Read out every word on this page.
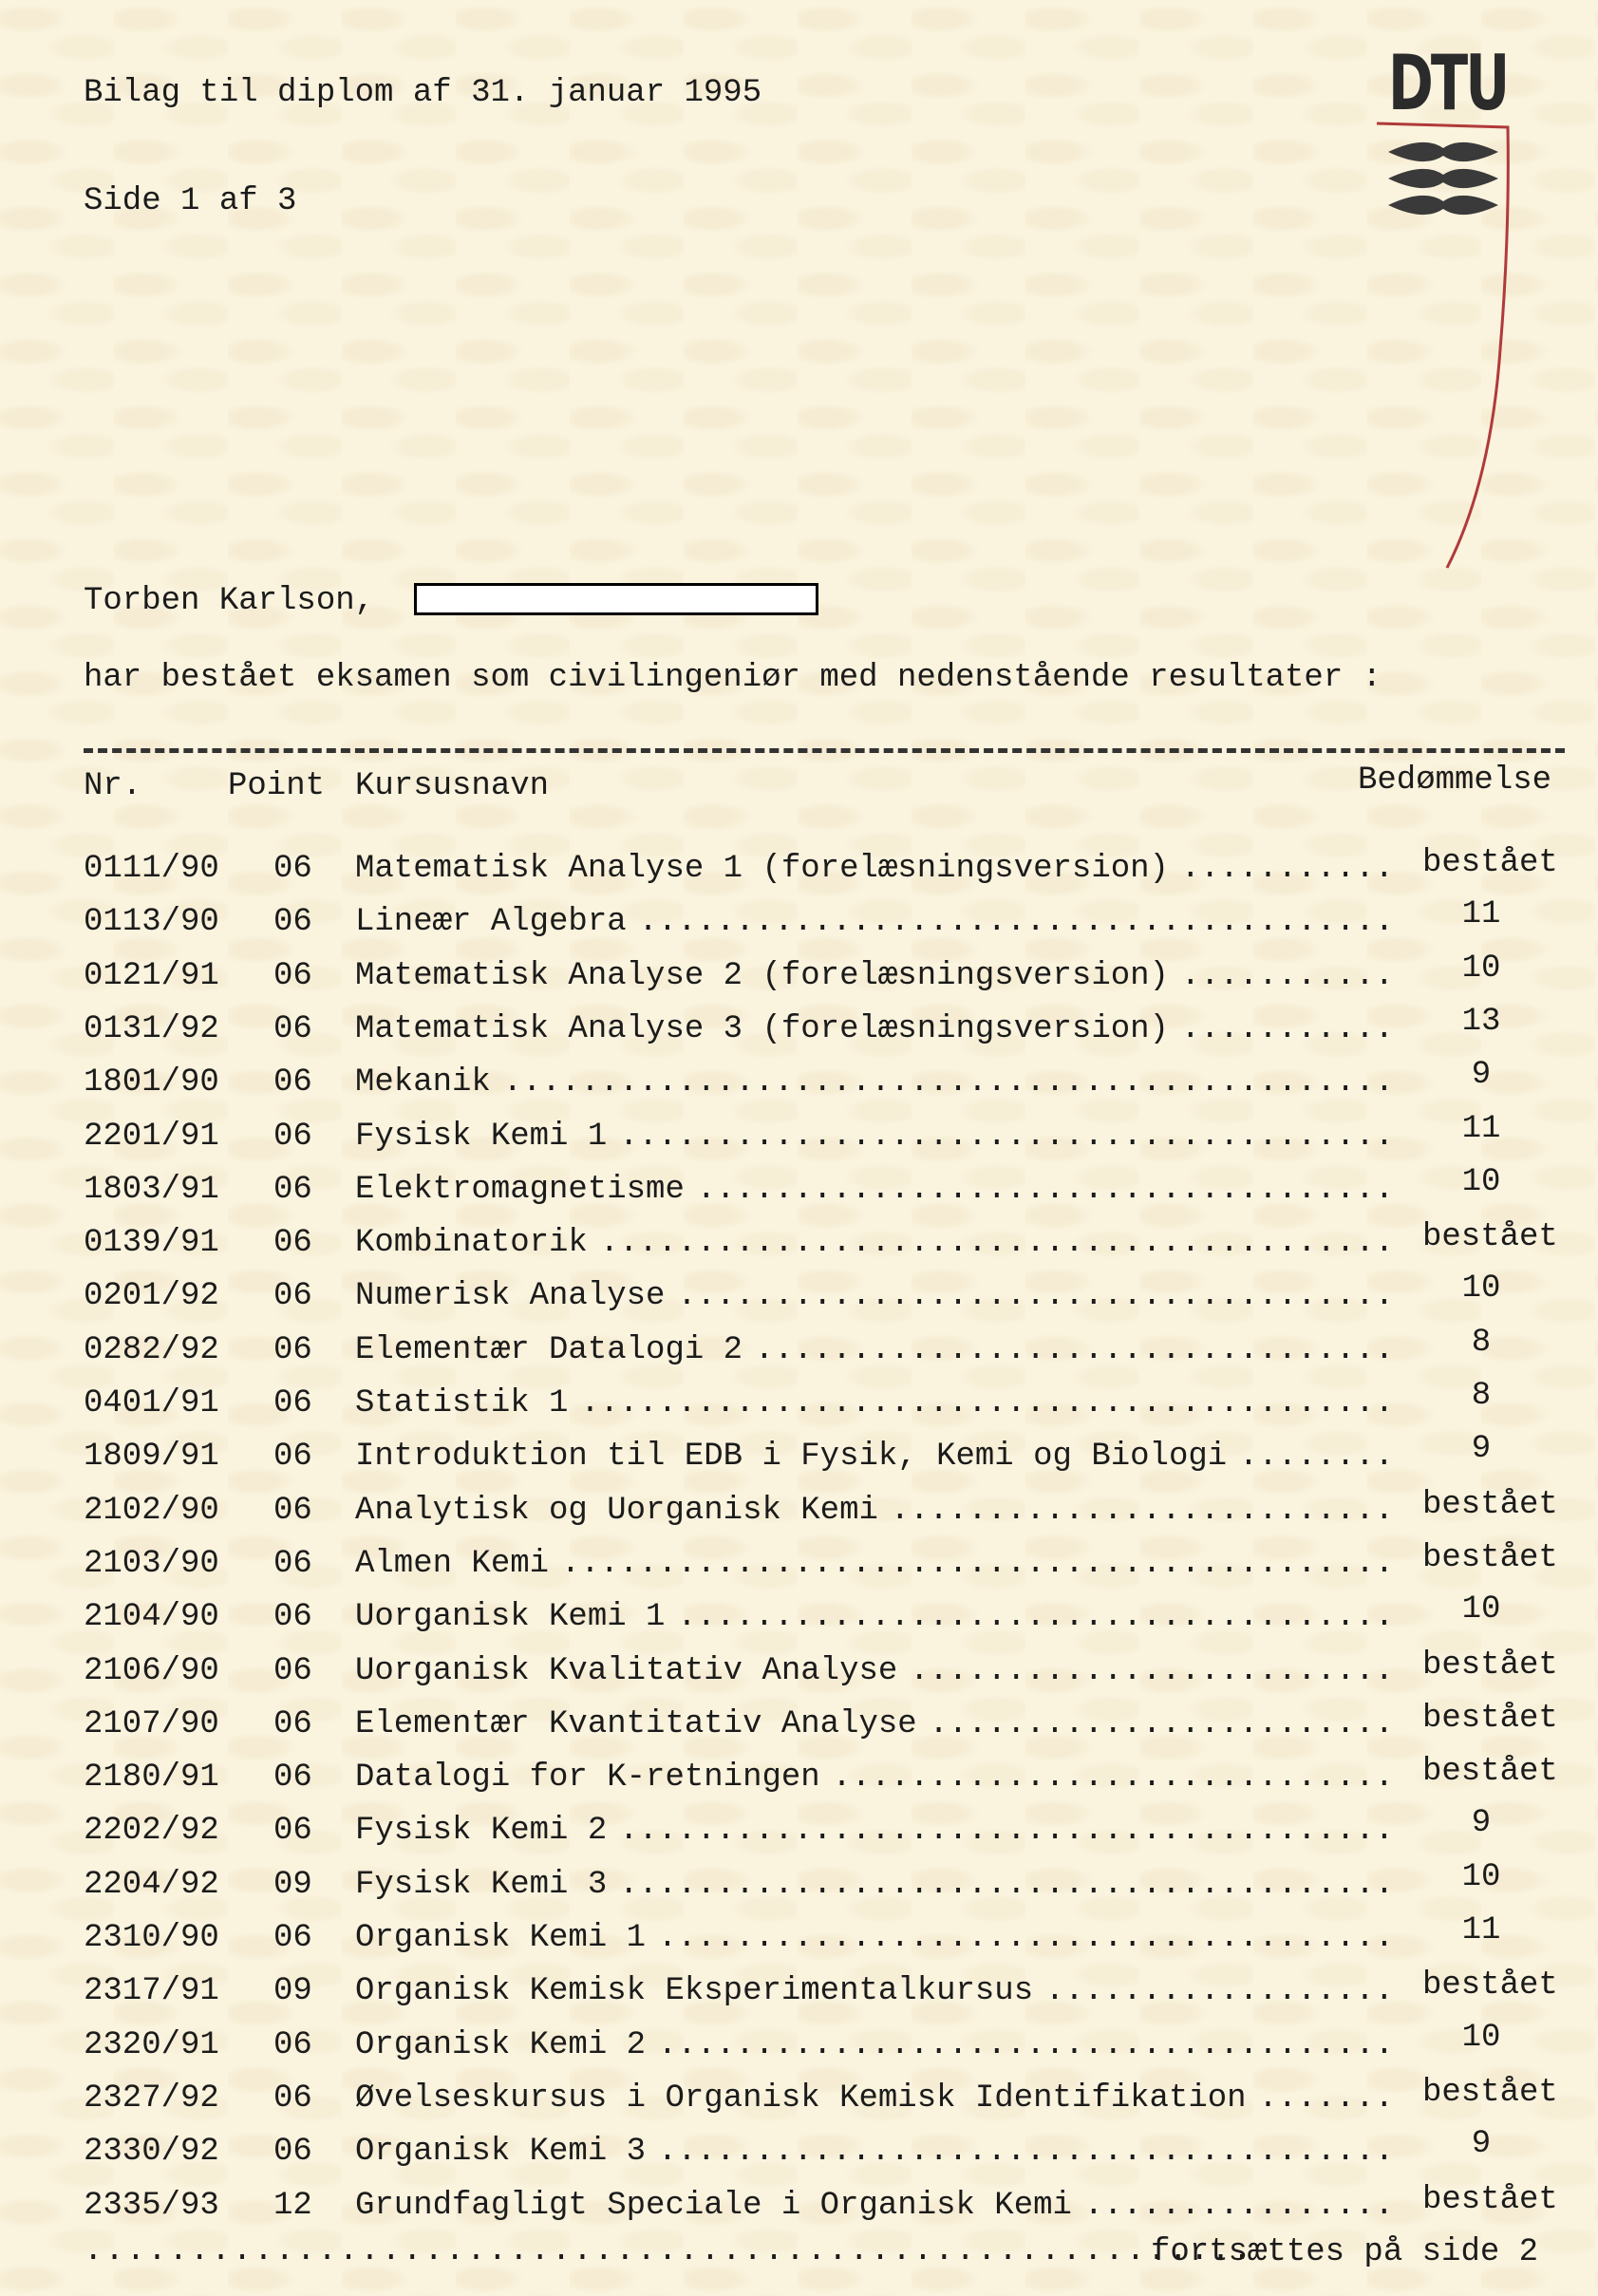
Bilag til diplom af 31. januar 1995
Side 1 af 3
DTU
Torben Karlson,
har bestået eksamen som civilingeniør med nedenstående resultater :
Nr.	Point Kursusnavn	Bedømmelse
0111/90 06 Matematisk Analyse 1 (forelæsningsversion) ........... bestået
0113/90 06 Lineær Algebra .......................................	11
0121/91 06 Matematisk Analyse 2 (forelæsningsversion) ...........	10
0131/92 06 Matematisk Analyse 3 (forelæsningsversion) ...........	13
1801/90 06 Mekanik ..............................................	9
2201/91 06 Fysisk Kemi 1 ........................................	11
1803/91 06 Elektromagnetisme ....................................	10
0139/91 06 Kombinatorik ......................................... bestået
0201/92 06 Numerisk Analyse .....................................	10
0282/92 06 Elementær Datalogi 2 .................................	8
0401/91 06 Statistik 1 ..........................................	8
1809/91 06 Introduktion til EDB i Fysik, Kemi og Biologi ........	9
2102/90 06 Analytisk og Uorganisk Kemi .......................... bestået
2103/90 06 Almen Kemi ........................................... bestået
2104/90 06 Uorganisk Kemi 1 .....................................	10
2106/90 06 Uorganisk Kvalitativ Analyse ......................... bestået
2107/90 06 Elementær Kvantitativ Analyse ........................ bestået
2180/91 06 Datalogi for K-retningen ............................. bestået
2202/92 06 Fysisk Kemi 2 ........................................	9
2204/92 09 Fysisk Kemi 3 ........................................	10
2310/90 06 Organisk Kemi 1 ......................................	11
2317/91 09 Organisk Kemisk Eksperimentalkursus .................. bestået
2320/91 06 Organisk Kemi 2 ......................................	10
2327/92 06 Øvelseskursus i Organisk Kemisk Identifikation ....... bestået
2330/92 06 Organisk Kemi 3 ......................................	9
2335/93 12 Grundfagligt Speciale i Organisk Kemi ................ bestået
.......................................................
fortsættes på side 2
